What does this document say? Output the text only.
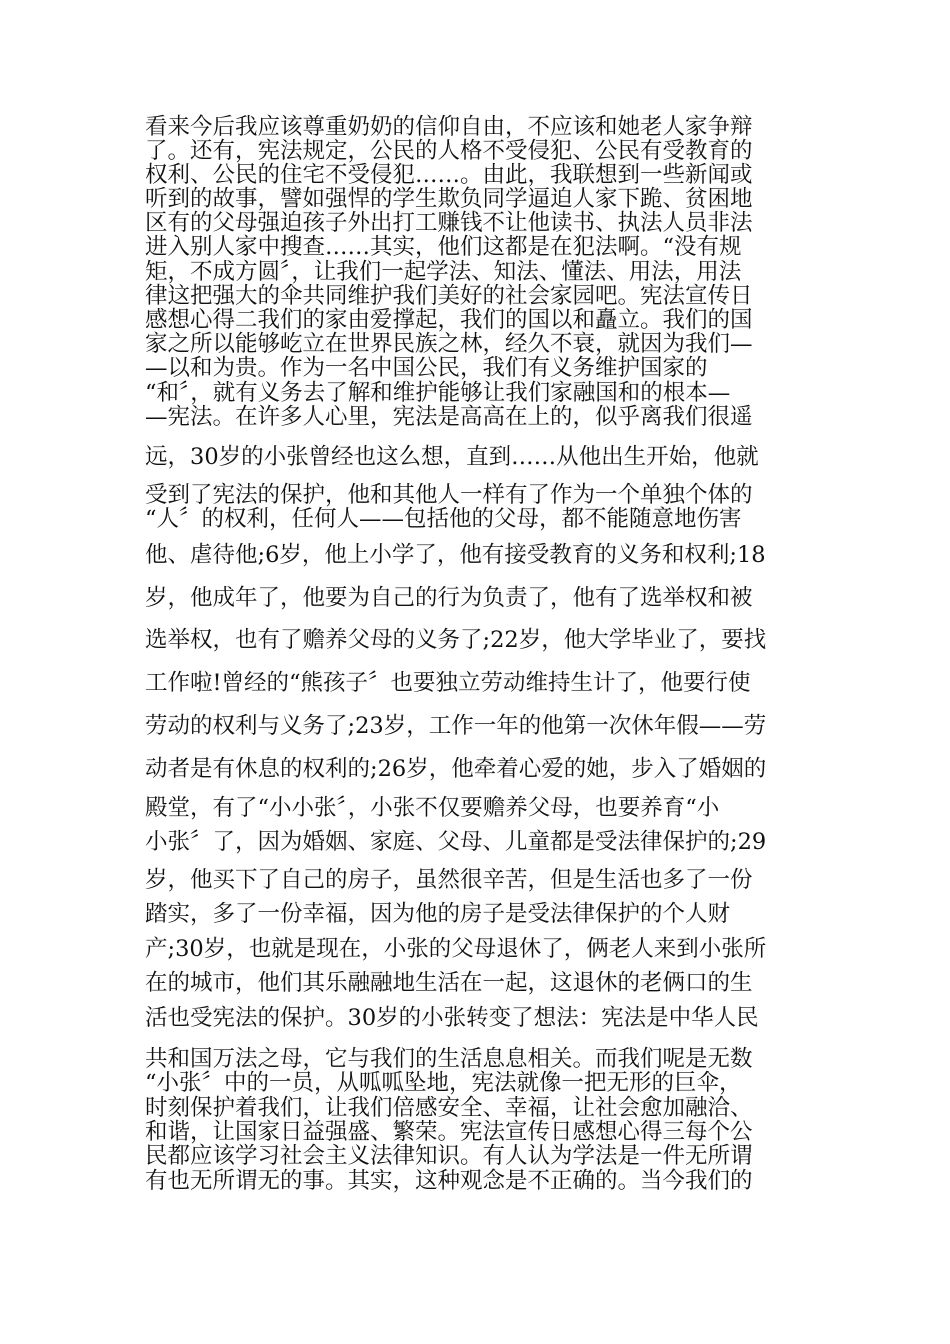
看来今后我应该尊重奶奶的信仰自由，不应该和她老人家争辩
了。还有，宪法规定，公民的人格不受侵犯、公民有受教育的
权利、公民的住宅不受侵犯……。由此，我联想到一些新闻或
听到的故事，譬如强悍的学生欺负同学逼迫人家下跪、贫困地
区有的父母强迫孩子外出打工赚钱不让他读书、执法人员非法
进入别人家中搜查……其实，他们这都是在犯法啊。“没有规
矩，不成方圆〞，让我们一起学法、知法、懂法、用法，用法
律这把强大的伞共同维护我们美好的社会家园吧。宪法宣传日
感想心得二我们的家由爱撑起，我们的国以和矗立。我们的国
家之所以能够屹立在世界民族之林，经久不衰，就因为我们—
—以和为贵。作为一名中国公民，我们有义务维护国家的
“和〞，就有义务去了解和维护能够让我们家融国和的根本—
—宪法。在许多人心里，宪法是高高在上的，似乎离我们很遥
远，30岁的小张曾经也这么想，直到……从他出生开始，他就
受到了宪法的保护，他和其他人一样有了作为一个单独个体的
“人〞的权利，任何人——包括他的父母，都不能随意地伤害
他、虐待他;6岁，他上小学了，他有接受教育的义务和权利;18
岁，他成年了，他要为自己的行为负责了，他有了选举权和被
选举权，也有了赡养父母的义务了;22岁，他大学毕业了，要找
工作啦!曾经的“熊孩子〞也要独立劳动维持生计了，他要行使
劳动的权利与义务了;23岁，工作一年的他第一次休年假——劳
动者是有休息的权利的;26岁，他牵着心爱的她，步入了婚姻的
殿堂，有了“小小张〞，小张不仅要赡养父母，也要养育“小
小张〞了，因为婚姻、家庭、父母、儿童都是受法律保护的;29
岁，他买下了自己的房子，虽然很辛苦，但是生活也多了一份
踏实，多了一份幸福，因为他的房子是受法律保护的个人财
产;30岁，也就是现在，小张的父母退休了，俩老人来到小张所
在的城市，他们其乐融融地生活在一起，这退休的老俩口的生
活也受宪法的保护。30岁的小张转变了想法：宪法是中华人民
共和国万法之母，它与我们的生活息息相关。而我们呢是无数
“小张〞中的一员，从呱呱坠地，宪法就像一把无形的巨伞，
时刻保护着我们，让我们倍感安全、幸福，让社会愈加融洽、
和谐，让国家日益强盛、繁荣。宪法宣传日感想心得三每个公
民都应该学习社会主义法律知识。有人认为学法是一件无所谓
有也无所谓无的事。其实，这种观念是不正确的。当今我们的
